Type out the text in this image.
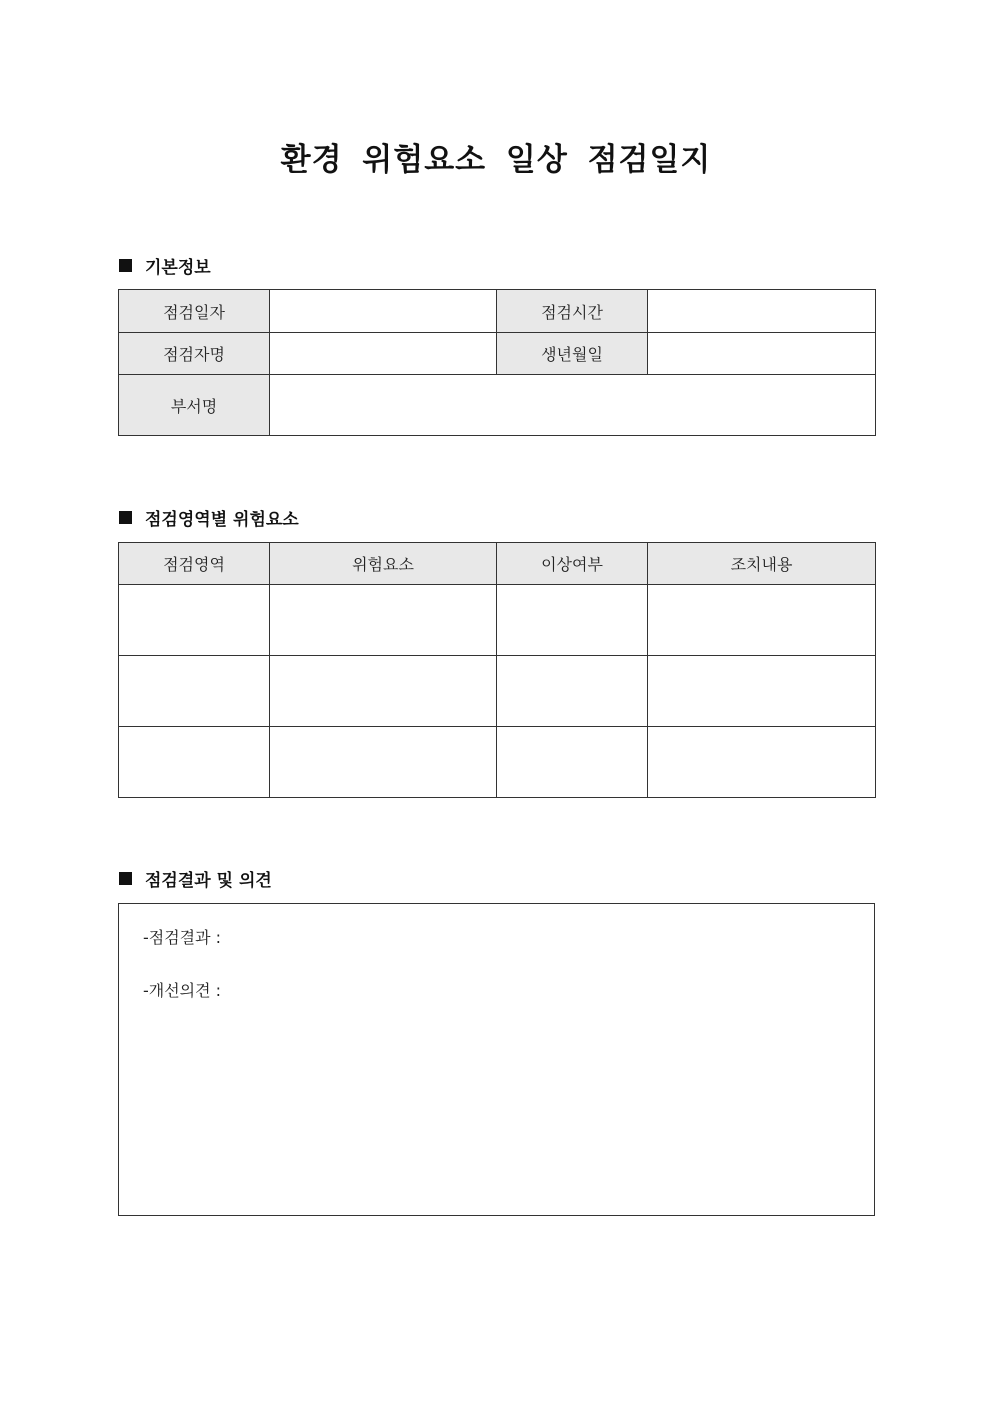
환경 위험요소 일상 점검일지
기본정보
점검일자		점검시간	
점검자명		생년월일	
부서명			
점검영역별 위험요소
점검영역	위험요소	이상여부	조치내용

점검결과 및 의견
-점검결과 :
-개선의견 :
